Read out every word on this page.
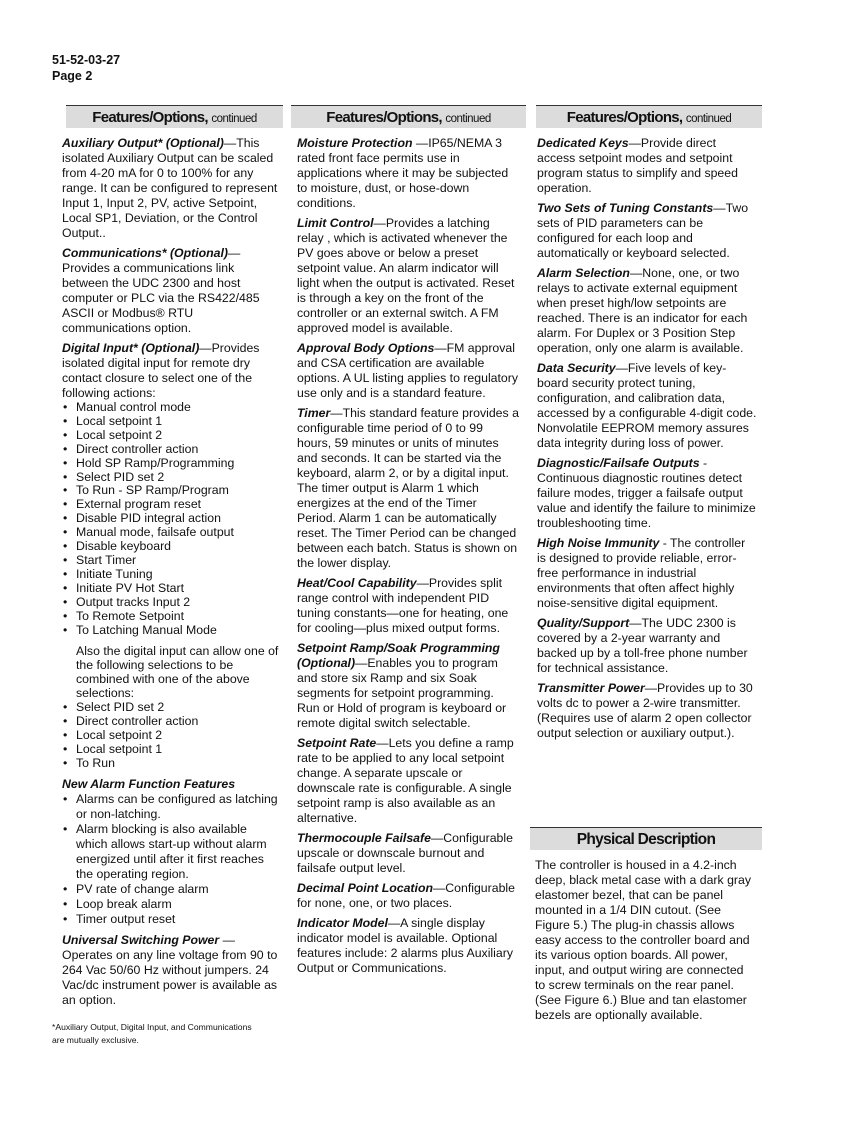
51-52-03-27
Page 2
Features/Options, continued

Auxiliary Output* (Optional)—This isolated Auxiliary Output can be scaled from 4-20 mA for 0 to 100% for any range. It can be configured to represent Input 1, Input 2, PV, active Setpoint, Local SP1, Deviation, or the Control Output..

Communications* (Optional)— Provides a communications link between the UDC 2300 and host computer or PLC via the RS422/485 ASCII or Modbus® RTU communications option.

Digital Input* (Optional)—Provides isolated digital input for remote dry contact closure to select one of the following actions:

• Manual control mode
• Local setpoint 1
• Local setpoint 2
• Direct controller action
• Hold SP Ramp/Programming
• Select PID set 2
• To Run - SP Ramp/Program
• External program reset
• Disable PID integral action
• Manual mode, failsafe output
• Disable keyboard
• Start Timer
• Initiate Tuning
• Initiate PV Hot Start
• Output tracks Input 2
• To Remote Setpoint
• To Latching Manual Mode

Also the digital input can allow one of the following selections to be combined with one of the above selections:

• Select PID set 2
• Direct controller action
• Local setpoint 2
• Local setpoint 1
• To Run

New Alarm Function Features

• Alarms can be configured as latching or non-latching.
• Alarm blocking is also available which allows start-up without alarm energized until after it first reaches the operating region.
• PV rate of change alarm
• Loop break alarm
• Timer output reset

Universal Switching Power — Operates on any line voltage from 90 to 264 Vac 50/60 Hz without jumpers. 24 Vac/dc instrument power is available as an option.

*Auxiliary Output, Digital Input, and Communications are mutually exclusive.
Features/Options, continued

Moisture Protection —IP65/NEMA 3 rated front face permits use in applications where it may be subjected to moisture, dust, or hose-down conditions.

Limit Control—Provides a latching relay , which is activated whenever the PV goes above or below a preset setpoint value. An alarm indicator will light when the output is activated. Reset is through a key on the front of the controller or an external switch. A FM approved model is available.

Approval Body Options—FM approval and CSA certification are available options. A UL listing applies to regulatory use only and is a standard feature.

Timer—This standard feature provides a configurable time period of 0 to 99 hours, 59 minutes or units of minutes and seconds. It can be started via the keyboard, alarm 2, or by a digital input. The timer output is Alarm 1 which energizes at the end of the Timer Period. Alarm 1 can be automatically reset. The Timer Period can be changed between each batch. Status is shown on the lower display.

Heat/Cool Capability—Provides split range control with independent PID tuning constants—one for heating, one for cooling—plus mixed output forms.

Setpoint Ramp/Soak Programming (Optional)—Enables you to program and store six Ramp and six Soak segments for setpoint programming. Run or Hold of program is keyboard or remote digital switch selectable.

Setpoint Rate—Lets you define a ramp rate to be applied to any local setpoint change. A separate upscale or downscale rate is configurable. A single setpoint ramp is also available as an alternative.

Thermocouple Failsafe—Configurable upscale or downscale burnout and failsafe output level.

Decimal Point Location—Configurable for none, one, or two places.

Indicator Model—A single display indicator model is available. Optional features include: 2 alarms plus Auxiliary Output or Communications.

Features/Options, continued

Dedicated Keys—Provide direct access setpoint modes and setpoint program status to simplify and speed operation.

Two Sets of Tuning Constants—Two sets of PID parameters can be configured for each loop and automatically or keyboard selected.

Alarm Selection—None, one, or two relays to activate external equipment when preset high/low setpoints are reached. There is an indicator for each alarm. For Duplex or 3 Position Step operation, only one alarm is available.

Data Security—Five levels of key-board security protect tuning, configuration, and calibration data, accessed by a configurable 4-digit code. Nonvolatile EEPROM memory assures data integrity during loss of power.

Diagnostic/Failsafe Outputs - Continuous diagnostic routines detect failure modes, trigger a failsafe output value and identify the failure to minimize troubleshooting time.

High Noise Immunity - The controller is designed to provide reliable, error- free performance in industrial environments that often affect highly noise-sensitive digital equipment.

Quality/Support—The UDC 2300 is covered by a 2-year warranty and backed up by a toll-free phone number for technical assistance.

Transmitter Power—Provides up to 30 volts dc to power a 2-wire transmitter. (Requires use of alarm 2 open collector output selection or auxiliary output.).

Physical Description

The controller is housed in a 4.2-inch deep, black metal case with a dark gray elastomer bezel, that can be panel mounted in a 1/4 DIN cutout. (See Figure 5.) The plug-in chassis allows easy access to the controller board and its various option boards. All power, input, and output wiring are connected to screw terminals on the rear panel. (See Figure 6.) Blue and tan elastomer bezels are optionally available.
